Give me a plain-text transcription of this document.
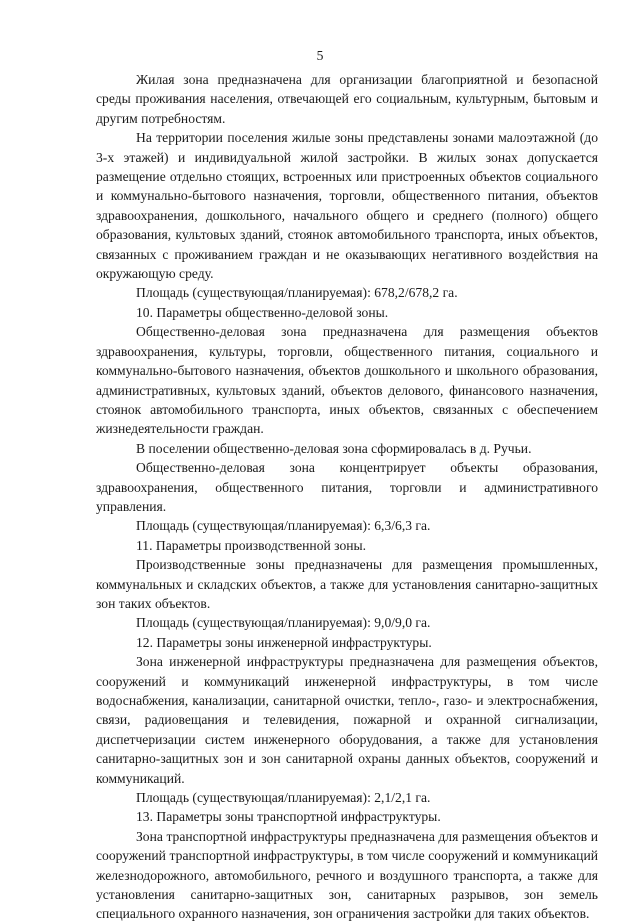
5

Жилая зона предназначена для организации благоприятной и безопасной среды проживания населения, отвечающей его социальным, культурным, бытовым и другим потребностям.

На территории поселения жилые зоны представлены зонами малоэтажной (до 3-х этажей) и индивидуальной жилой застройки. В жилых зонах допускается размещение отдельно стоящих, встроенных или пристроенных объектов социального и коммунально-бытового назначения, торговли, общественного питания, объектов здравоохранения, дошкольного, начального общего и среднего (полного) общего образования, культовых зданий, стоянок автомобильного транспорта, иных объектов, связанных с проживанием граждан и не оказывающих негативного воздействия на окружающую среду.

Площадь (существующая/планируемая): 678,2/678,2 га.

10. Параметры общественно-деловой зоны.

Общественно-деловая зона предназначена для размещения объектов здравоохранения, культуры, торговли, общественного питания, социального и коммунально-бытового назначения, объектов дошкольного и школьного образования, административных, культовых зданий, объектов делового, финансового назначения, стоянок автомобильного транспорта, иных объектов, связанных с обеспечением жизнедеятельности граждан.

В поселении общественно-деловая зона сформировалась в д. Ручьи.

Общественно-деловая зона концентрирует объекты образования, здравоохранения, общественного питания, торговли и административного управления.

Площадь (существующая/планируемая): 6,3/6,3 га.

11. Параметры производственной зоны.

Производственные зоны предназначены для размещения промышленных, коммунальных и складских объектов, а также для установления санитарно-защитных зон таких объектов.

Площадь (существующая/планируемая): 9,0/9,0 га.

12. Параметры зоны инженерной инфраструктуры.

Зона инженерной инфраструктуры предназначена для размещения объектов, сооружений и коммуникаций инженерной инфраструктуры, в том числе водоснабжения, канализации, санитарной очистки, тепло-, газо- и электроснабжения, связи, радиовещания и телевидения, пожарной и охранной сигнализации, диспетчеризации систем инженерного оборудования, а также для установления санитарно-защитных зон и зон санитарной охраны данных объектов, сооружений и коммуникаций.

Площадь (существующая/планируемая): 2,1/2,1 га.

13. Параметры зоны транспортной инфраструктуры.

Зона транспортной инфраструктуры предназначена для размещения объектов и сооружений транспортной инфраструктуры, в том числе сооружений и коммуникаций железнодорожного, автомобильного, речного и воздушного транспорта, а также для установления санитарно-защитных зон, санитарных разрывов, зон земель специального охранного назначения, зон ограничения застройки для таких объектов.
